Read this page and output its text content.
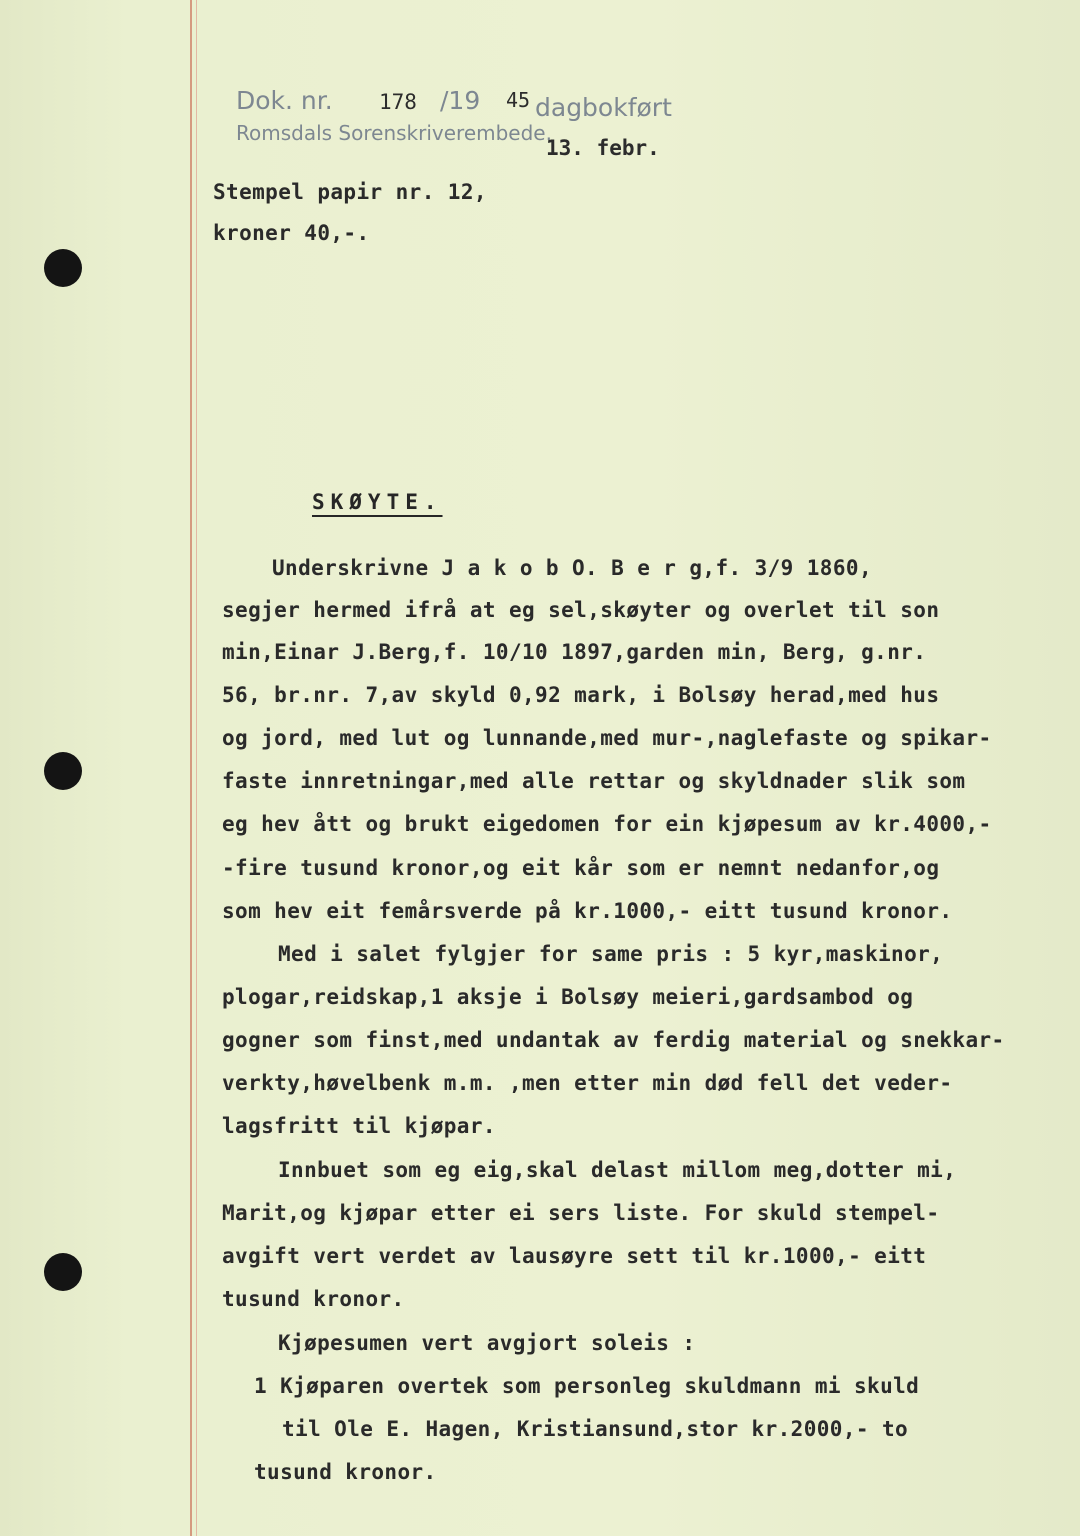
Dok. nr. 178 /19 45 dagbokført
Romsdals Sorenskriverembede.
13. febr.
Stempel papir nr. 12,
kroner 40,-.
SKØYTE.
Underskrivne J a k o b O. B e r g,f. 3/9 1860,
segjer hermed ifrå at eg sel,skøyter og overlet til son
min,Einar J.Berg,f. 10/10 1897,garden min, Berg, g.nr.
56, br.nr. 7,av skyld 0,92 mark, i Bolsøy herad,med hus
og jord, med lut og lunnande,med mur-,naglefaste og spikar-
faste innretningar,med alle rettar og skyldnader slik som
eg hev ått og brukt eigedomen for ein kjøpesum av kr.4000,-
-fire tusund kronor,og eit kår som er nemnt nedanfor,og
som hev eit femårsverde på kr.1000,- eitt tusund kronor.
Med i salet fylgjer for same pris : 5 kyr,maskinor,
plogar,reidskap,1 aksje i Bolsøy meieri,gardsambod og
gogner som finst,med undantak av ferdig material og snekkar-
verkty,høvelbenk m.m. ,men etter min død fell det veder-
lagsfritt til kjøpar.
Innbuet som eg eig,skal delast millom meg,dotter mi,
Marit,og kjøpar etter ei sers liste. For skuld stempel-
avgift vert verdet av lausøyre sett til kr.1000,- eitt
tusund kronor.
Kjøpesumen vert avgjort soleis :
1 Kjøparen overtek som personleg skuldmann mi skuld
til Ole E. Hagen, Kristiansund,stor kr.2000,- to
tusund kronor.
